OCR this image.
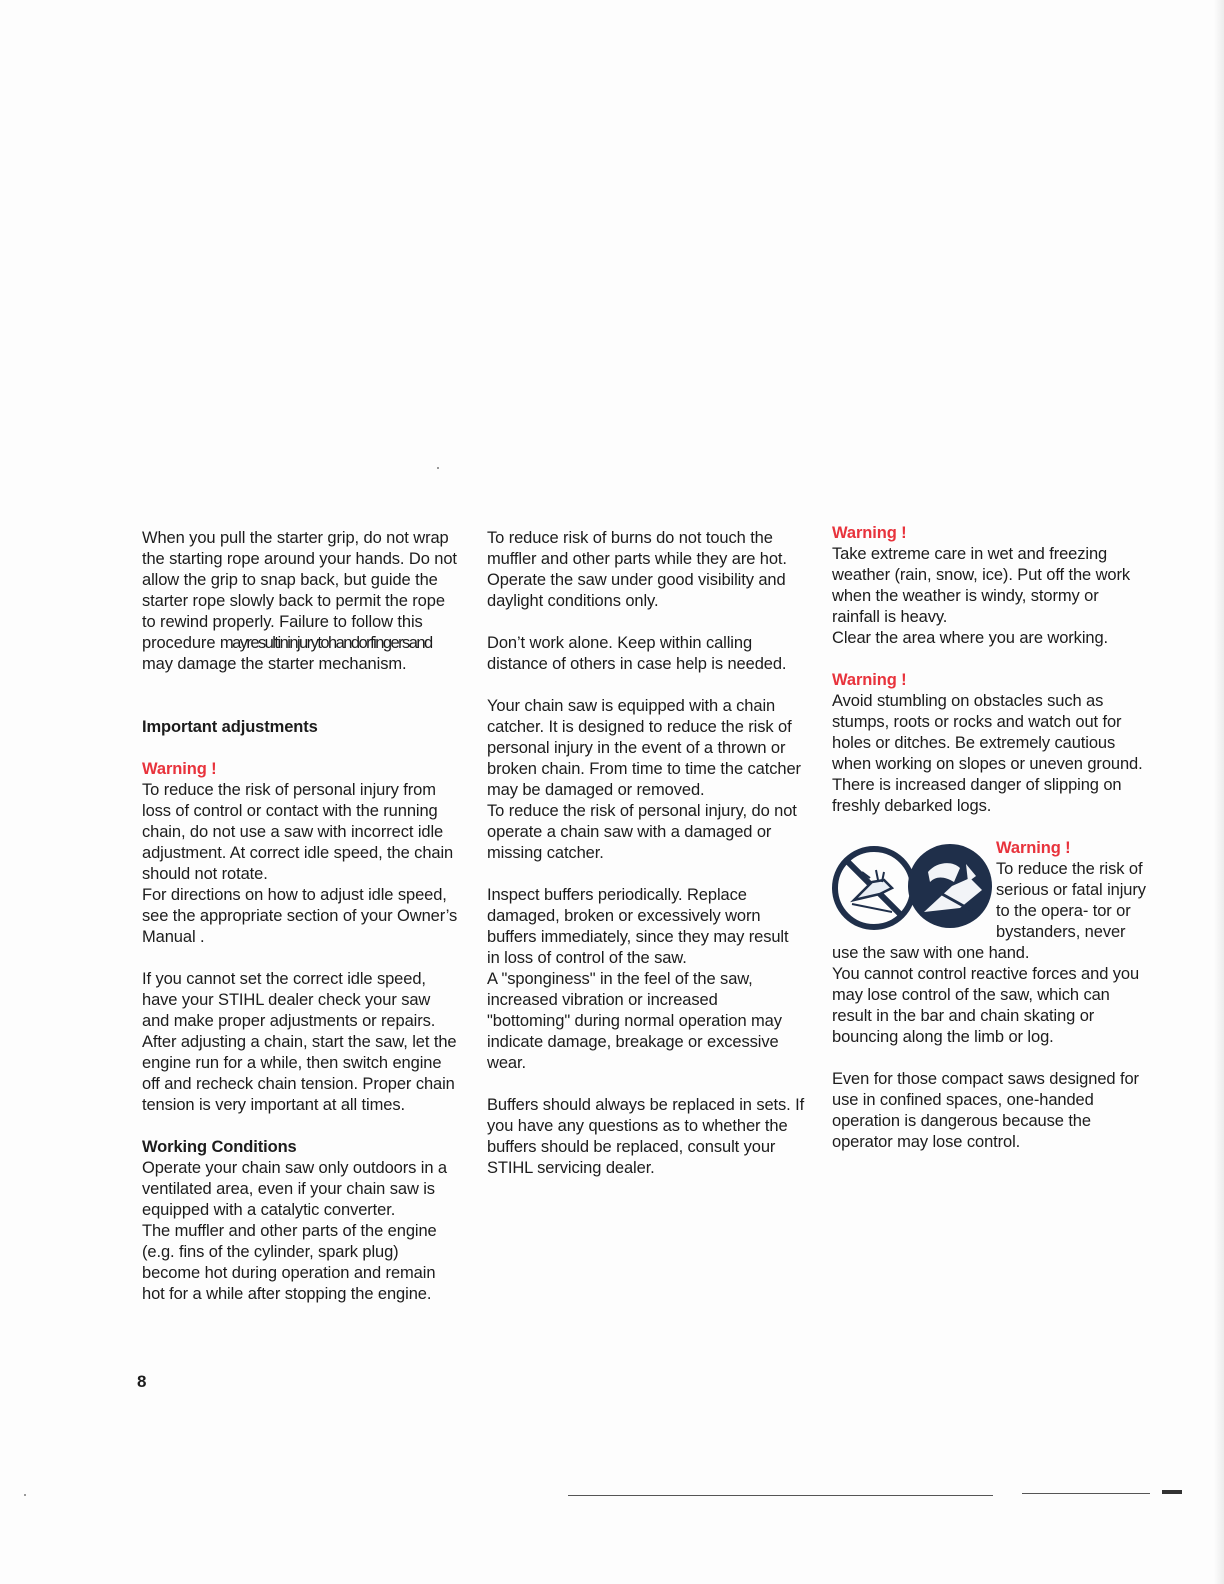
When you pull the starter grip, do not wrap the starting rope around your hands. Do not allow the grip to snap back, but guide the starter rope slowly back to permit the rope to rewind properly. Failure to follow this procedure mayresultininjurytohandorfingersand may damage the starter mechanism.

Important adjustments

Warning !

To reduce the risk of personal injury from loss of control or contact with the running chain, do not use a saw with incorrect idle adjustment. At correct idle speed, the chain should not rotate.

For directions on how to adjust idle speed, see the appropriate section of your Owner’s Manual .

If you cannot set the correct idle speed, have your STIHL dealer check your saw and make proper adjustments or repairs.

After adjusting a chain, start the saw, let the engine run for a while, then switch engine off and recheck chain tension. Proper chain tension is very important at all times.

Working Conditions

Operate your chain saw only outdoors in a ventilated area, even if your chain saw is equipped with a catalytic converter.

The muffler and other parts of the engine (e.g. fins of the cylinder, spark plug) become hot during operation and remain hot for a while after stopping the engine.

To reduce risk of burns do not touch the muffler and other parts while they are hot. Operate the saw under good visibility and daylight conditions only.

Don’t work alone. Keep within calling distance of others in case help is needed.

Your chain saw is equipped with a chain catcher. It is designed to reduce the risk of personal injury in the event of a thrown or broken chain. From time to time the catcher may be damaged or removed.

To reduce the risk of personal injury, do not operate a chain saw with a damaged or missing catcher.

Inspect buffers periodically. Replace damaged, broken or excessively worn buffers immediately, since they may result in loss of control of the saw.

A "sponginess" in the feel of the saw, increased vibration or increased "bottoming" during normal operation may indicate damage, breakage or excessive wear.

Buffers should always be replaced in sets. If you have any questions as to whether the buffers should be replaced, consult your STIHL servicing dealer.

Warning !

Take extreme care in wet and freezing weather (rain, snow, ice). Put off the work when the weather is windy, stormy or rainfall is heavy.

Clear the area where you are working.

Warning !

Avoid stumbling on obstacles such as stumps, roots or rocks and watch out for holes or ditches. Be extremely cautious when working on slopes or uneven ground. There is increased danger of slipping on freshly debarked logs.

Warning !

To reduce the risk of serious or fatal injury to the opera- tor or bystanders, never use the saw with one hand.

You cannot control reactive forces and you may lose control of the saw, which can result in the bar and chain skating or bouncing along the limb or log.

Even for those compact saws designed for use in confined spaces, one-handed operation is dangerous because the operator may lose control.

8
